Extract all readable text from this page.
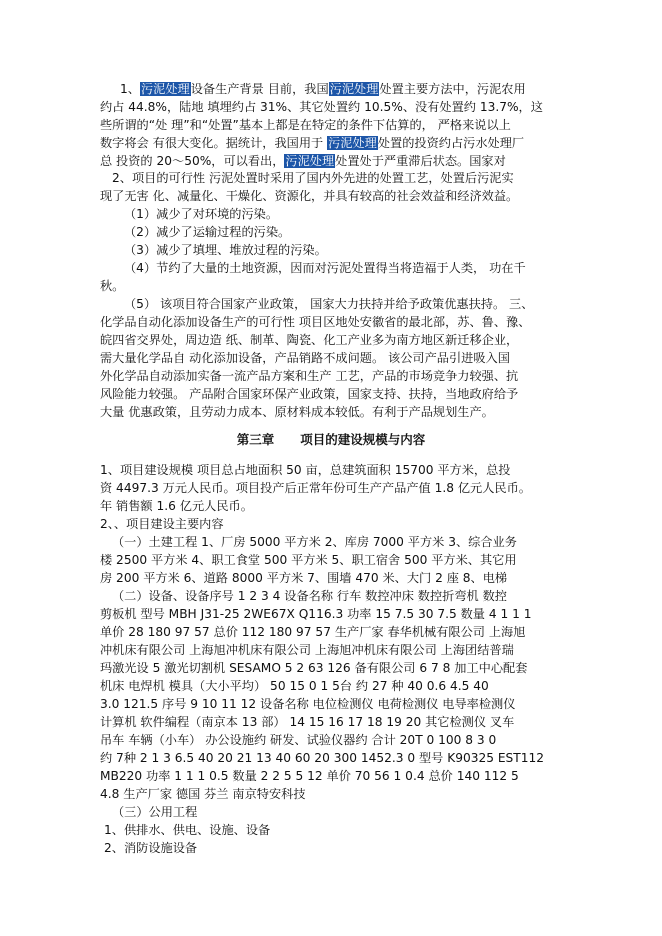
1、污泥处理设备生产背景 目前，我国污泥处理处置主要方法中，污泥农用
约占 44.8%，陆地 填埋约占 31%、其它处置约 10.5%、没有处置约 13.7%，这
些所谓的“处 理”和“处置”基本上都是在特定的条件下估算的， 严格来说以上
数字将会 有很大变化。据统计，我国用于 污泥处理处置的投资约占污水处理厂
总 投资的 20～50%，可以看出，污泥处理处置处于严重滞后状态。国家对
2、项目的可行性 污泥处置时采用了国内外先进的处置工艺，处置后污泥实
现了无害 化、减量化、干燥化、资源化，并具有较高的社会效益和经济效益。
（1）减少了对环境的污染。
（2）减少了运输过程的污染。
（3）减少了填埋、堆放过程的污染。
（4）节约了大量的土地资源，因而对污泥处置得当将造福于人类， 功在千
秋。
（5） 该项目符合国家产业政策， 国家大力扶持并给予政策优惠扶持。 三、
化学品自动化添加设备生产的可行性 项目区地处安徽省的最北部，苏、鲁、豫、
皖四省交界处，周边造 纸、制革、陶瓷、化工产业多为南方地区新迁移企业，
需大量化学品自 动化添加设备，产品销路不成问题。 该公司产品引进吸入国
外化学品自动添加实备一流产品方案和生产 工艺，产品的市场竞争力较强、抗
风险能力较强。 产品附合国家环保产业政策，国家支持、扶持，当地政府给予
大量 优惠政策，且劳动力成本、原材料成本较低。有利于产品规划生产。
第三章 项目的建设规模与内容
1、项目建设规模 项目总占地面积 50 亩，总建筑面积 15700 平方米，总投
资 4497.3 万元人民币。项目投产后正常年份可生产产品产值 1.8 亿元人民币。
年 销售额 1.6 亿元人民币。
2、、项目建设主要内容
（一）土建工程 1、厂房 5000 平方米 2、库房 7000 平方米 3、综合业务
楼 2500 平方米 4、职工食堂 500 平方米 5、职工宿舍 500 平方米、其它用
房 200 平方米 6、道路 8000 平方米 7、围墙 470 米、大门 2 座 8、电梯
（二）设备、设备序号 1 2 3 4 设备名称 行车 数控冲床 数控折弯机 数控
剪板机 型号 MBH J31-25 2WE67X Q116.3 功率 15 7.5 30 7.5 数量 4 1 1 1
单价 28 180 97 57 总价 112 180 97 57 生产厂家 春华机械有限公司 上海旭
冲机床有限公司 上海旭冲机床有限公司 上海旭冲机床有限公司 上海团结普瑞
玛激光设 5 激光切割机 SESAMO 5 2 63 126 备有限公司 6 7 8 加工中心配套
机床 电焊机 模具（大小平均） 50 15 0 1 5台 约 27 种 40 0.6 4.5 40
3.0 121.5 序号 9 10 11 12 设备名称 电位检测仪 电荷检测仪 电导率检测仪
计算机 软件编程（南京本 13 部） 14 15 16 17 18 19 20 其它检测仪 叉车
吊车 车辆（小车） 办公设施约 研发、试验仪器约 合计 20T 0 100 8 3 0
约 7种 2 1 3 6.5 40 20 21 13 40 60 20 300 1452.3 0 型号 K90325 EST112
MB220 功率 1 1 1 0.5 数量 2 2 5 5 12 单价 70 56 1 0.4 总价 140 112 5
4.8 生产厂家 德国 芬兰 南京特安科技
（三）公用工程
1、供排水、供电、设施、设备
2、消防设施设备
